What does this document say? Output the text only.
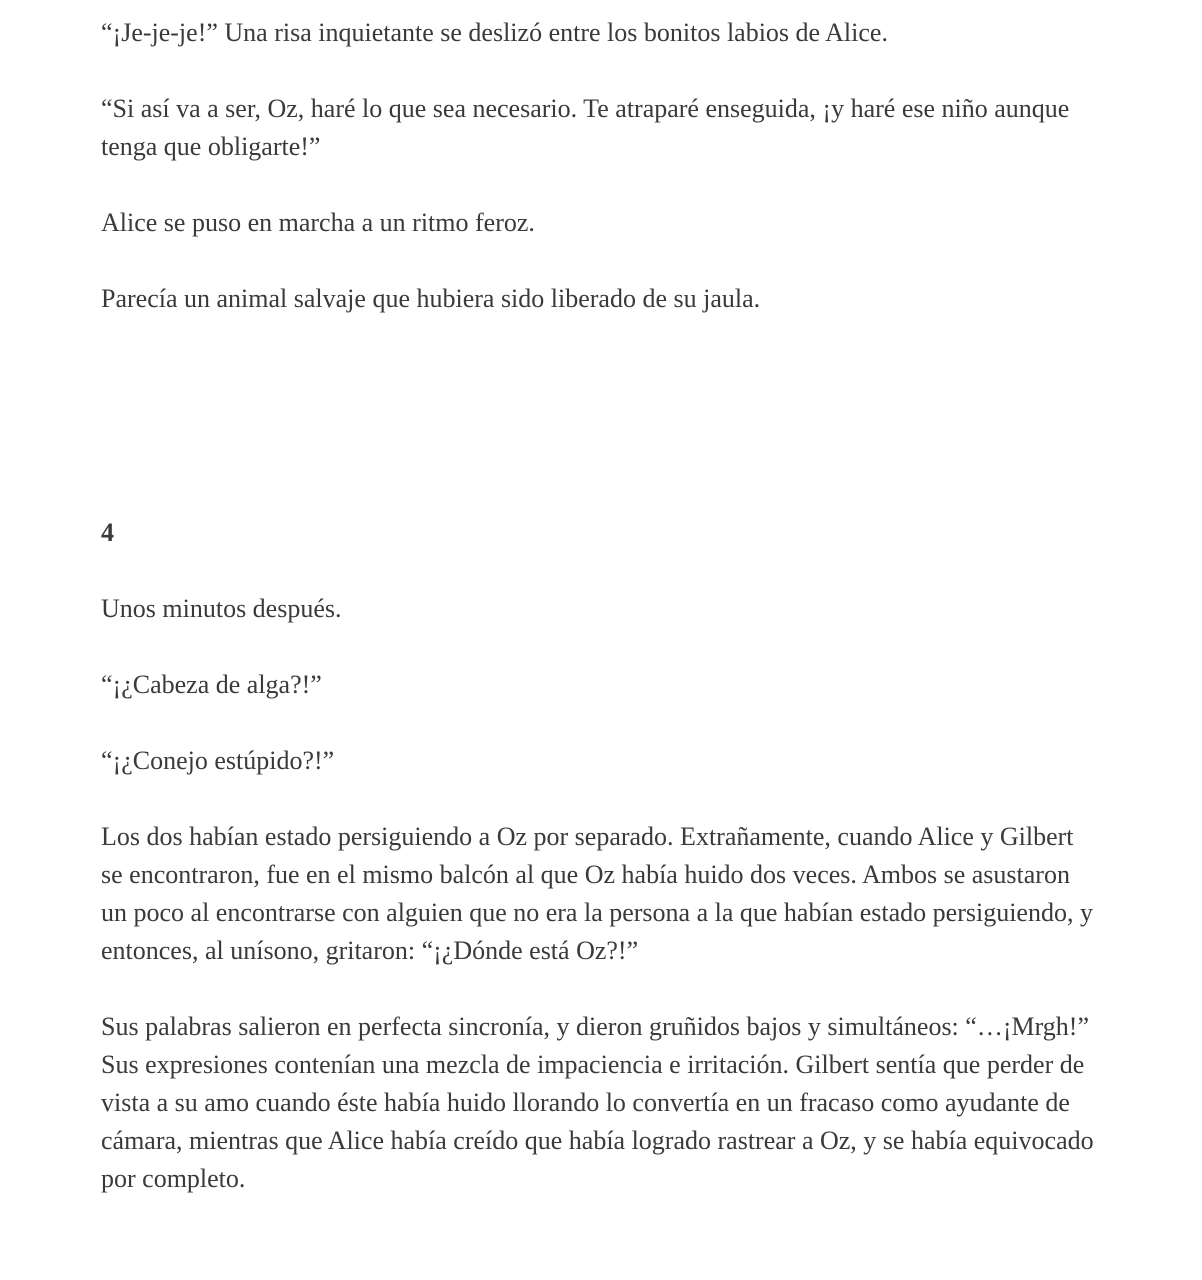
“¡Je-je-je!” Una risa inquietante se deslizó entre los bonitos labios de Alice.

“Si así va a ser, Oz, haré lo que sea necesario. Te atraparé enseguida, ¡y haré ese niño aunque tenga que obligarte!”

Alice se puso en marcha a un ritmo feroz.

Parecía un animal salvaje que hubiera sido liberado de su jaula.

4

Unos minutos después.

“¡¿Cabeza de alga?!”

“¡¿Conejo estúpido?!”

Los dos habían estado persiguiendo a Oz por separado. Extrañamente, cuando Alice y Gilbert se encontraron, fue en el mismo balcón al que Oz había huido dos veces. Ambos se asustaron un poco al encontrarse con alguien que no era la persona a la que habían estado persiguiendo, y entonces, al unísono, gritaron: “¡¿Dónde está Oz?!”

Sus palabras salieron en perfecta sincronía, y dieron gruñidos bajos y simultáneos: “…¡Mrgh!” Sus expresiones contenían una mezcla de impaciencia e irritación. Gilbert sentía que perder de vista a su amo cuando éste había huido llorando lo convertía en un fracaso como ayudante de cámara, mientras que Alice había creído que había logrado rastrear a Oz, y se había equivocado por completo.
